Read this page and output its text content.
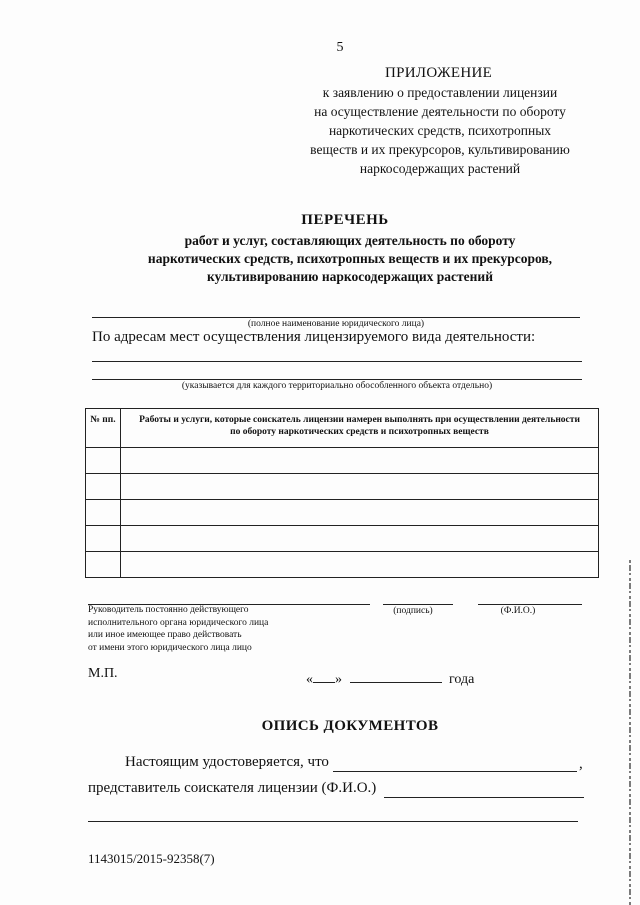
5
ПРИЛОЖЕНИЕ
к заявлению о предоставлении лицензии
на осуществление деятельности по обороту
наркотических средств, психотропных
веществ и их прекурсоров, культивированию
наркосодержащих растений
ПЕРЕЧЕНЬ
работ и услуг, составляющих деятельность по обороту
наркотических средств, психотропных веществ и их прекурсоров,
культивированию наркосодержащих растений
(полное наименование юридического лица)
По адресам мест осуществления лицензируемого вида деятельности:
(указывается для каждого территориально обособленного объекта отдельно)
№ пп.	Работы и услуги, которые соискатель лицензии намерен выполнять при осуществлении деятельности по обороту наркотических средств и психотропных веществ

Руководитель постоянно действующего
исполнительного органа юридического лица
или иное имеющее право действовать
от имени этого юридического лица лицо
(подпись)	(Ф.И.О.)
М.П.	« »	года
ОПИСЬ ДОКУМЕНТОВ
Настоящим удостоверяется, что	,
представитель соискателя лицензии (Ф.И.О.)
1143015/2015-92358(7)
